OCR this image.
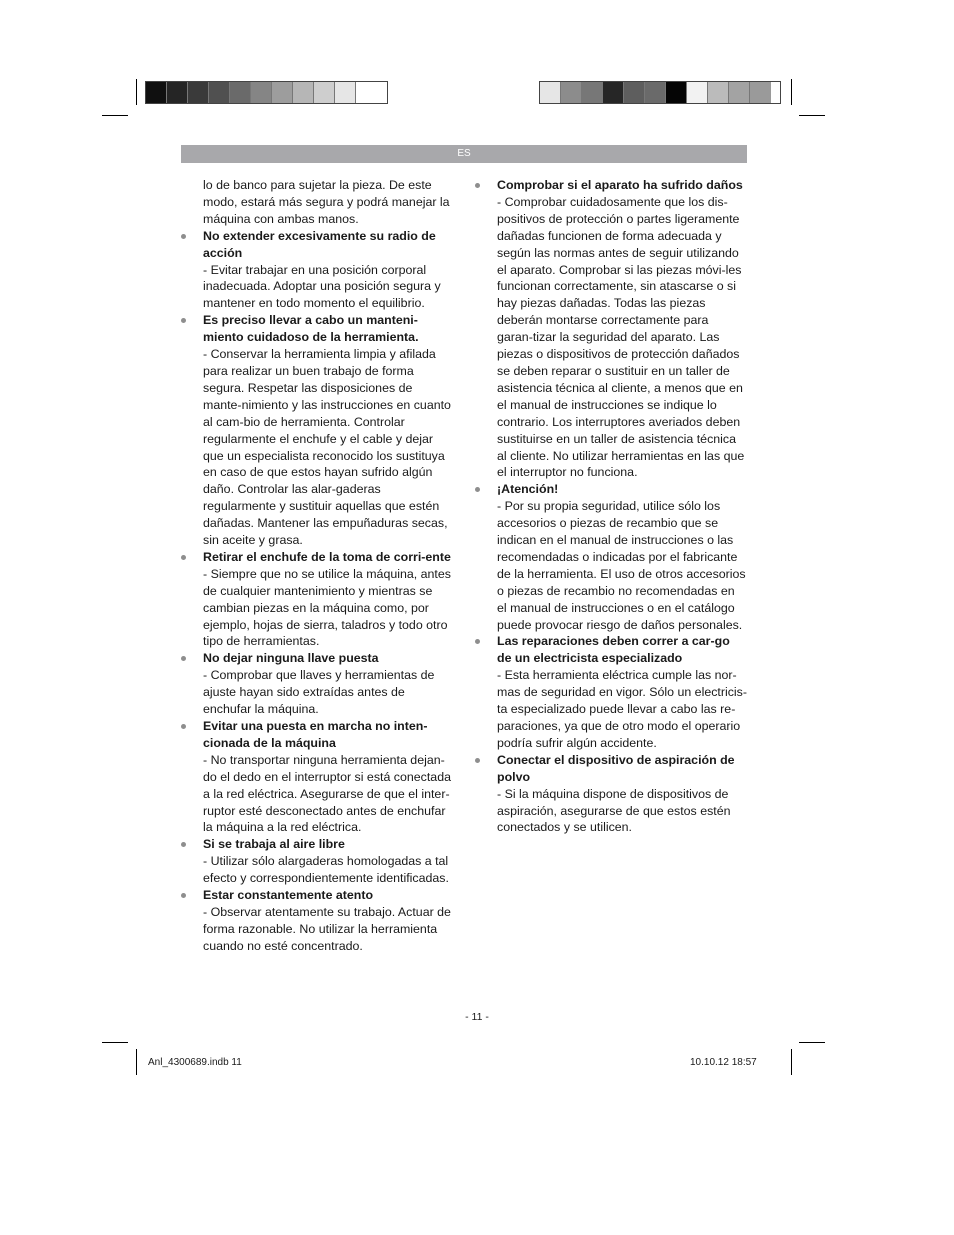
ES

lo de banco para sujetar la pieza. De este modo, estará más segura y podrá manejar la máquina con ambas manos.

No extender excesivamente su radio de acción

- Evitar trabajar en una posición corporal inadecuada. Adoptar una posición segura y mantener en todo momento el equilibrio.

Es preciso llevar a cabo un manteni-miento cuidadoso de la herramienta.

- Conservar la herramienta limpia y afilada para realizar un buen trabajo de forma segura. Respetar las disposiciones de mante-nimiento y las instrucciones en cuanto al cam-bio de herramienta. Controlar regularmente el enchufe y el cable y dejar que un especialista reconocido los sustituya en caso de que estos hayan sufrido algún daño. Controlar las alar-gaderas regularmente y sustituir aquellas que estén dañadas. Mantener las empuñaduras secas, sin aceite y grasa.

Retirar el enchufe de la toma de corri-ente

- Siempre que no se utilice la máquina, antes de cualquier mantenimiento y mientras se cambian piezas en la máquina como, por ejemplo, hojas de sierra, taladros y todo otro tipo de herramientas.

No dejar ninguna llave puesta

- Comprobar que llaves y herramientas de ajuste hayan sido extraídas antes de enchufar la máquina.

Evitar una puesta en marcha no inten-cionada de la máquina

- No transportar ninguna herramienta dejan-do el dedo en el interruptor si está conectada a la red eléctrica. Asegurarse de que el inter-ruptor esté desconectado antes de enchufar la máquina a la red eléctrica.

Si se trabaja al aire libre

- Utilizar sólo alargaderas homologadas a tal efecto y correspondientemente identificadas.

Estar constantemente atento

- Observar atentamente su trabajo. Actuar de forma razonable. No utilizar la herramienta cuando no esté concentrado.

Comprobar si el aparato ha sufrido daños

- Comprobar cuidadosamente que los dis-positivos de protección o partes ligeramente dañadas funcionen de forma adecuada y según las normas antes de seguir utilizando el aparato. Comprobar si las piezas móvi-les funcionan correctamente, sin atascarse o si hay piezas dañadas. Todas las piezas deberán montarse correctamente para garan-tizar la seguridad del aparato. Las piezas o dispositivos de protección dañados se deben reparar o sustituir en un taller de asistencia técnica al cliente, a menos que en el manual de instrucciones se indique lo contrario. Los interruptores averiados deben sustituirse en un taller de asistencia técnica al cliente. No utilizar herramientas en las que el interruptor no funciona.

¡Atención!

- Por su propia seguridad, utilice sólo los accesorios o piezas de recambio que se indican en el manual de instrucciones o las recomendadas o indicadas por el fabricante de la herramienta. El uso de otros accesorios o piezas de recambio no recomendadas en el manual de instrucciones o en el catálogo puede provocar riesgo de daños personales.

Las reparaciones deben correr a car-go de un electricista especializado

- Esta herramienta eléctrica cumple las nor-mas de seguridad en vigor. Sólo un electricis-ta especializado puede llevar a cabo las re-paraciones, ya que de otro modo el operario podría sufrir algún accidente.

Conectar el dispositivo de aspiración de polvo

- Si la máquina dispone de dispositivos de aspiración, asegurarse de que estos estén conectados y se utilicen.

- 11 -
Anl_4300689.indb 11	10.10.12 18:57
